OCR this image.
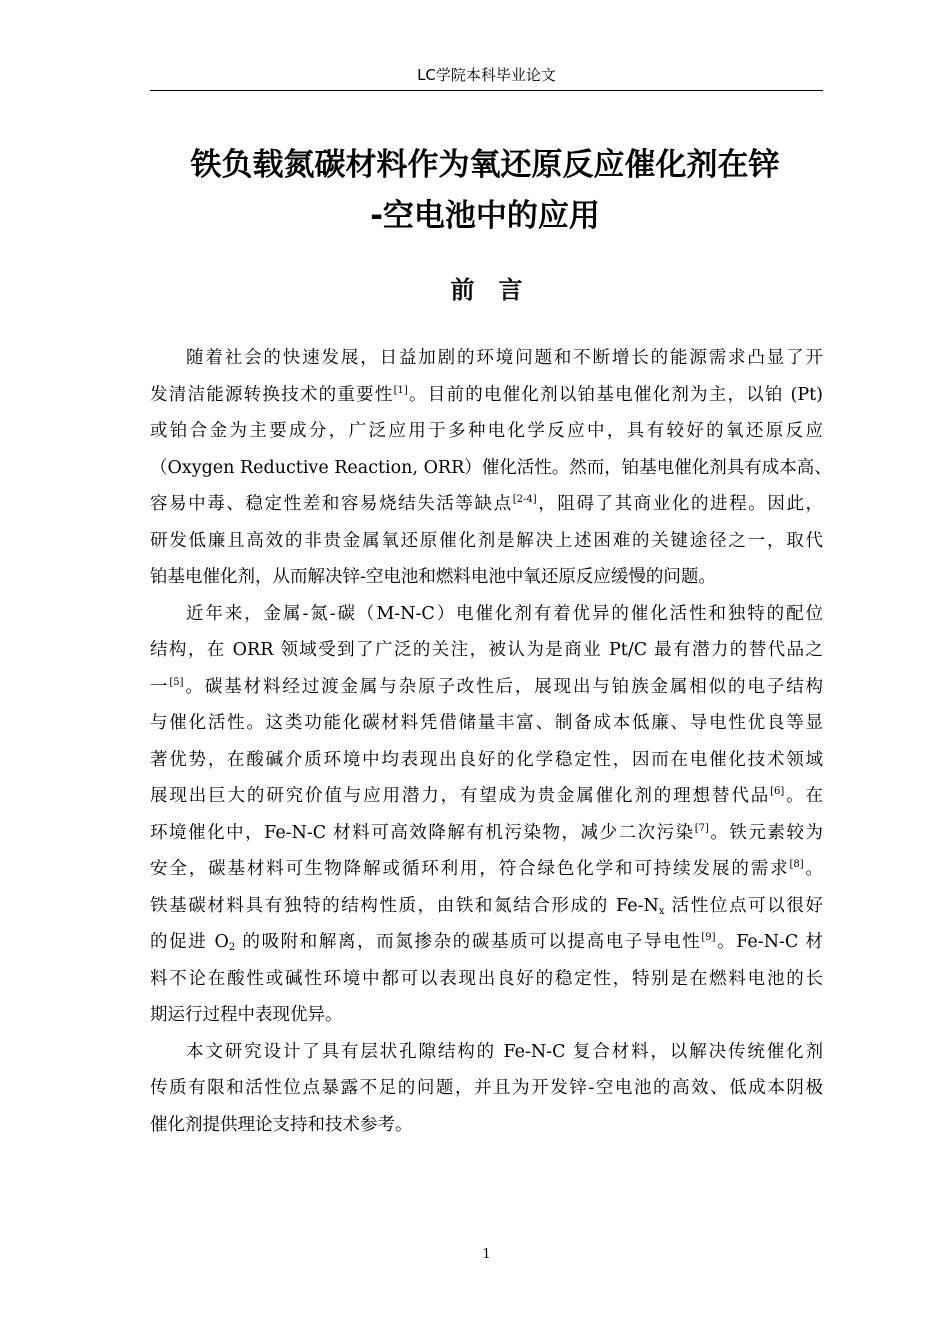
LC学院本科毕业论文
铁负载氮碳材料作为氧还原反应催化剂在锌
-空电池中的应用
前言
随着社会的快速发展，日益加剧的环境问题和不断增长的能源需求凸显了开
发清洁能源转换技术的重要性[1]。目前的电催化剂以铂基电催化剂为主，以铂 (Pt)
或铂合金为主要成分，广泛应用于多种电化学反应中，具有较好的氧还原反应
（Oxygen Reductive Reaction, ORR）催化活性。然而，铂基电催化剂具有成本高、
容易中毒、稳定性差和容易烧结失活等缺点[2-4]，阻碍了其商业化的进程。因此，
研发低廉且高效的非贵金属氧还原催化剂是解决上述困难的关键途径之一，取代
铂基电催化剂，从而解决锌-空电池和燃料电池中氧还原反应缓慢的问题。
近年来，金属-氮-碳（M-N-C）电催化剂有着优异的催化活性和独特的配位
结构，在 ORR 领域受到了广泛的关注，被认为是商业 Pt/C 最有潜力的替代品之
一[5]。碳基材料经过渡金属与杂原子改性后，展现出与铂族金属相似的电子结构
与催化活性。这类功能化碳材料凭借储量丰富、制备成本低廉、导电性优良等显
著优势，在酸碱介质环境中均表现出良好的化学稳定性，因而在电催化技术领域
展现出巨大的研究价值与应用潜力，有望成为贵金属催化剂的理想替代品[6]。在
环境催化中，Fe-N-C 材料可高效降解有机污染物，减少二次污染[7]。铁元素较为
安全，碳基材料可生物降解或循环利用，符合绿色化学和可持续发展的需求[8]。
铁基碳材料具有独特的结构性质，由铁和氮结合形成的 $Fe-N_x$ 活性位点可以很好
的促进 $O_2$ 的吸附和解离，而氮掺杂的碳基质可以提高电子导电性[9]。Fe-N-C 材
料不论在酸性或碱性环境中都可以表现出良好的稳定性，特别是在燃料电池的长
期运行过程中表现优异。
本文研究设计了具有层状孔隙结构的 Fe-N-C 复合材料，以解决传统催化剂
传质有限和活性位点暴露不足的问题，并且为开发锌-空电池的高效、低成本阴极
催化剂提供理论支持和技术参考。
1
